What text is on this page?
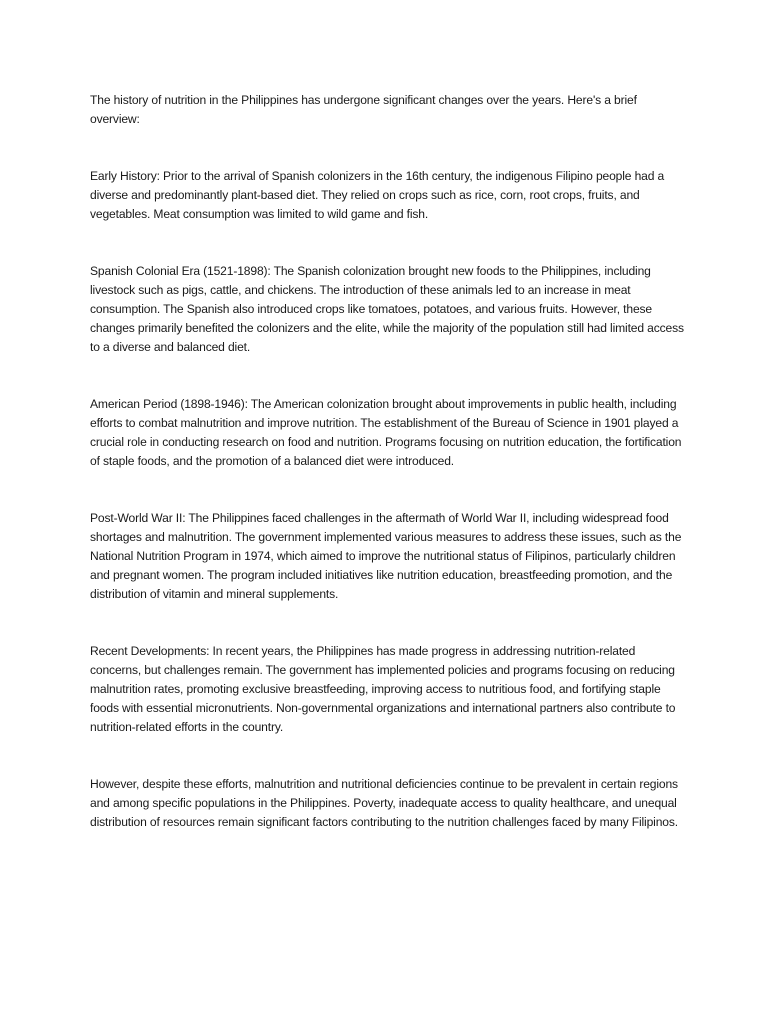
The history of nutrition in the Philippines has undergone significant changes over the years. Here's a brief overview:

Early History: Prior to the arrival of Spanish colonizers in the 16th century, the indigenous Filipino people had a diverse and predominantly plant-based diet. They relied on crops such as rice, corn, root crops, fruits, and vegetables. Meat consumption was limited to wild game and fish.

Spanish Colonial Era (1521-1898): The Spanish colonization brought new foods to the Philippines, including livestock such as pigs, cattle, and chickens. The introduction of these animals led to an increase in meat consumption. The Spanish also introduced crops like tomatoes, potatoes, and various fruits. However, these changes primarily benefited the colonizers and the elite, while the majority of the population still had limited access to a diverse and balanced diet.

American Period (1898-1946): The American colonization brought about improvements in public health, including efforts to combat malnutrition and improve nutrition. The establishment of the Bureau of Science in 1901 played a crucial role in conducting research on food and nutrition. Programs focusing on nutrition education, the fortification of staple foods, and the promotion of a balanced diet were introduced.

Post-World War II: The Philippines faced challenges in the aftermath of World War II, including widespread food shortages and malnutrition. The government implemented various measures to address these issues, such as the National Nutrition Program in 1974, which aimed to improve the nutritional status of Filipinos, particularly children and pregnant women. The program included initiatives like nutrition education, breastfeeding promotion, and the distribution of vitamin and mineral supplements.

Recent Developments: In recent years, the Philippines has made progress in addressing nutrition-related concerns, but challenges remain. The government has implemented policies and programs focusing on reducing malnutrition rates, promoting exclusive breastfeeding, improving access to nutritious food, and fortifying staple foods with essential micronutrients. Non-governmental organizations and international partners also contribute to nutrition-related efforts in the country.

However, despite these efforts, malnutrition and nutritional deficiencies continue to be prevalent in certain regions and among specific populations in the Philippines. Poverty, inadequate access to quality healthcare, and unequal distribution of resources remain significant factors contributing to the nutrition challenges faced by many Filipinos.
